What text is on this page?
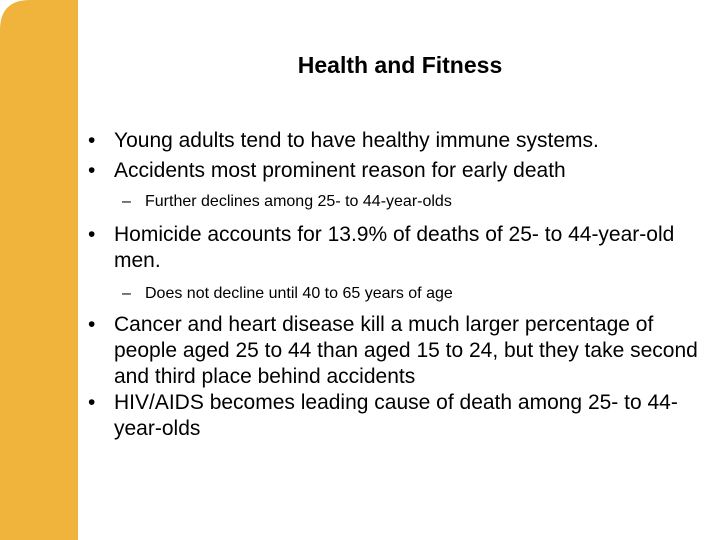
Health and Fitness
• Young adults tend to have healthy immune systems.
• Accidents most prominent reason for early death
– Further declines among 25- to 44-year-olds
• Homicide accounts for 13.9% of deaths of 25- to 44-year-old men.
– Does not decline until 40 to 65 years of age
• Cancer and heart disease kill a much larger percentage of people aged 25 to 44 than aged 15 to 24, but they take second and third place behind accidents
• HIV/AIDS becomes leading cause of death among 25- to 44-year-olds
